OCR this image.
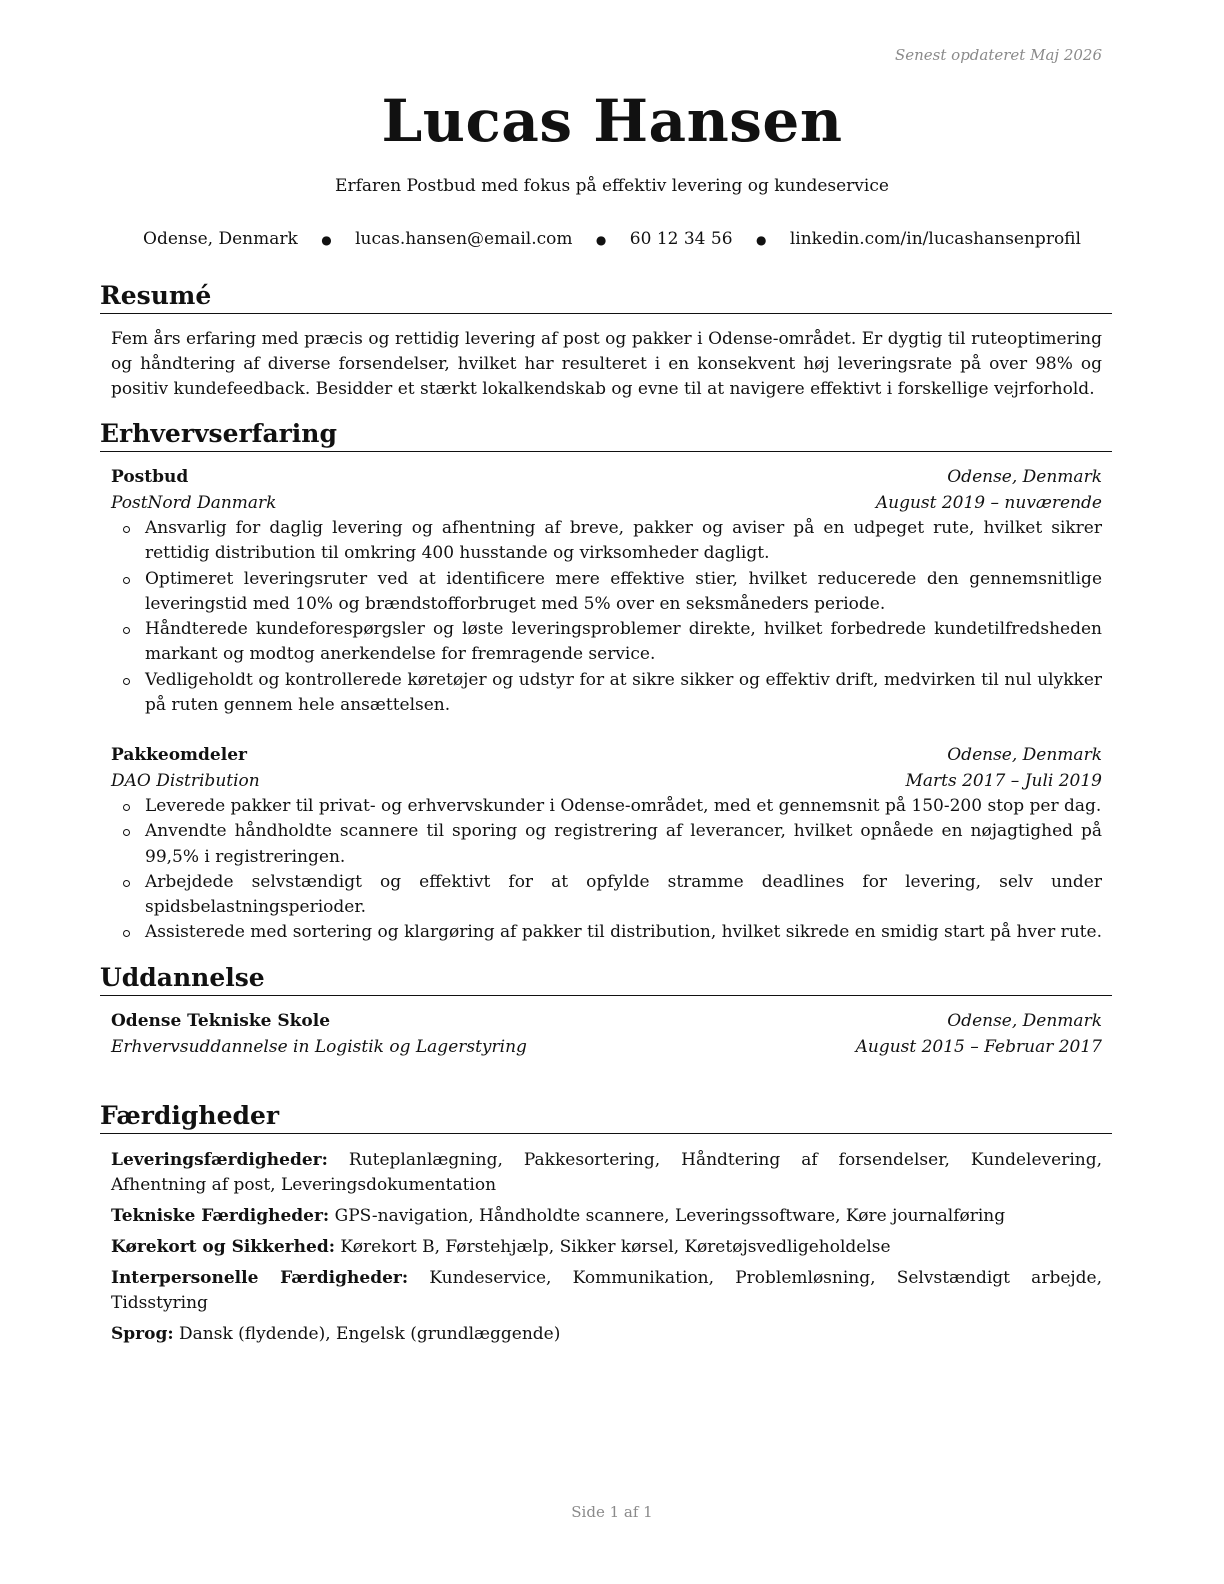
Senest opdateret Maj 2026
Lucas Hansen
Erfaren Postbud med fokus på effektiv levering og kundeservice
Odense, Denmark ● lucas.hansen@email.com ● 60 12 34 56 ● linkedin.com/in/lucashansenprofil
Resumé
Fem års erfaring med præcis og rettidig levering af post og pakker i Odense-området. Er dygtig til ruteoptimering og håndtering af diverse forsendelser, hvilket har resulteret i en konsekvent høj leveringsrate på over 98% og positiv kundefeedback. Besidder et stærkt lokalkendskab og evne til at navigere effektivt i forskellige vejrforhold.
Erhvervserfaring
Postbud	Odense, Denmark
PostNord Danmark	August 2019 – nuværende
Ansvarlig for daglig levering og afhentning af breve, pakker og aviser på en udpeget rute, hvilket sikrer rettidig distribution til omkring 400 husstande og virksomheder dagligt.
Optimeret leveringsruter ved at identificere mere effektive stier, hvilket reducerede den gennemsnitlige leveringstid med 10% og brændstofforbruget med 5% over en seksmåneders periode.
Håndterede kundeforespørgsler og løste leveringsproblemer direkte, hvilket forbedrede kundetilfredsheden markant og modtog anerkendelse for fremragende service.
Vedligeholdt og kontrollerede køretøjer og udstyr for at sikre sikker og effektiv drift, medvirken til nul ulykker på ruten gennem hele ansættelsen.
Pakkeomdeler	Odense, Denmark
DAO Distribution	Marts 2017 – Juli 2019
Leverede pakker til privat- og erhvervskunder i Odense-området, med et gennemsnit på 150-200 stop per dag.
Anvendte håndholdte scannere til sporing og registrering af leverancer, hvilket opnåede en nøjagtighed på 99,5% i registreringen.
Arbejdede selvstændigt og effektivt for at opfylde stramme deadlines for levering, selv under spidsbelastningsperioder.
Assisterede med sortering og klargøring af pakker til distribution, hvilket sikrede en smidig start på hver rute.
Uddannelse
Odense Tekniske Skole	Odense, Denmark
Erhvervsuddannelse in Logistik og Lagerstyring	August 2015 – Februar 2017
Færdigheder
Leveringsfærdigheder: Ruteplanlægning, Pakkesortering, Håndtering af forsendelser, Kundelevering, Afhentning af post, Leveringsdokumentation
Tekniske Færdigheder: GPS-navigation, Håndholdte scannere, Leveringssoftware, Køre journalføring
Kørekort og Sikkerhed: Kørekort B, Førstehjælp, Sikker kørsel, Køretøjsvedligeholdelse
Interpersonelle Færdigheder: Kundeservice, Kommunikation, Problemløsning, Selvstændigt arbejde, Tidsstyring
Sprog: Dansk (flydende), Engelsk (grundlæggende)
Side 1 af 1
